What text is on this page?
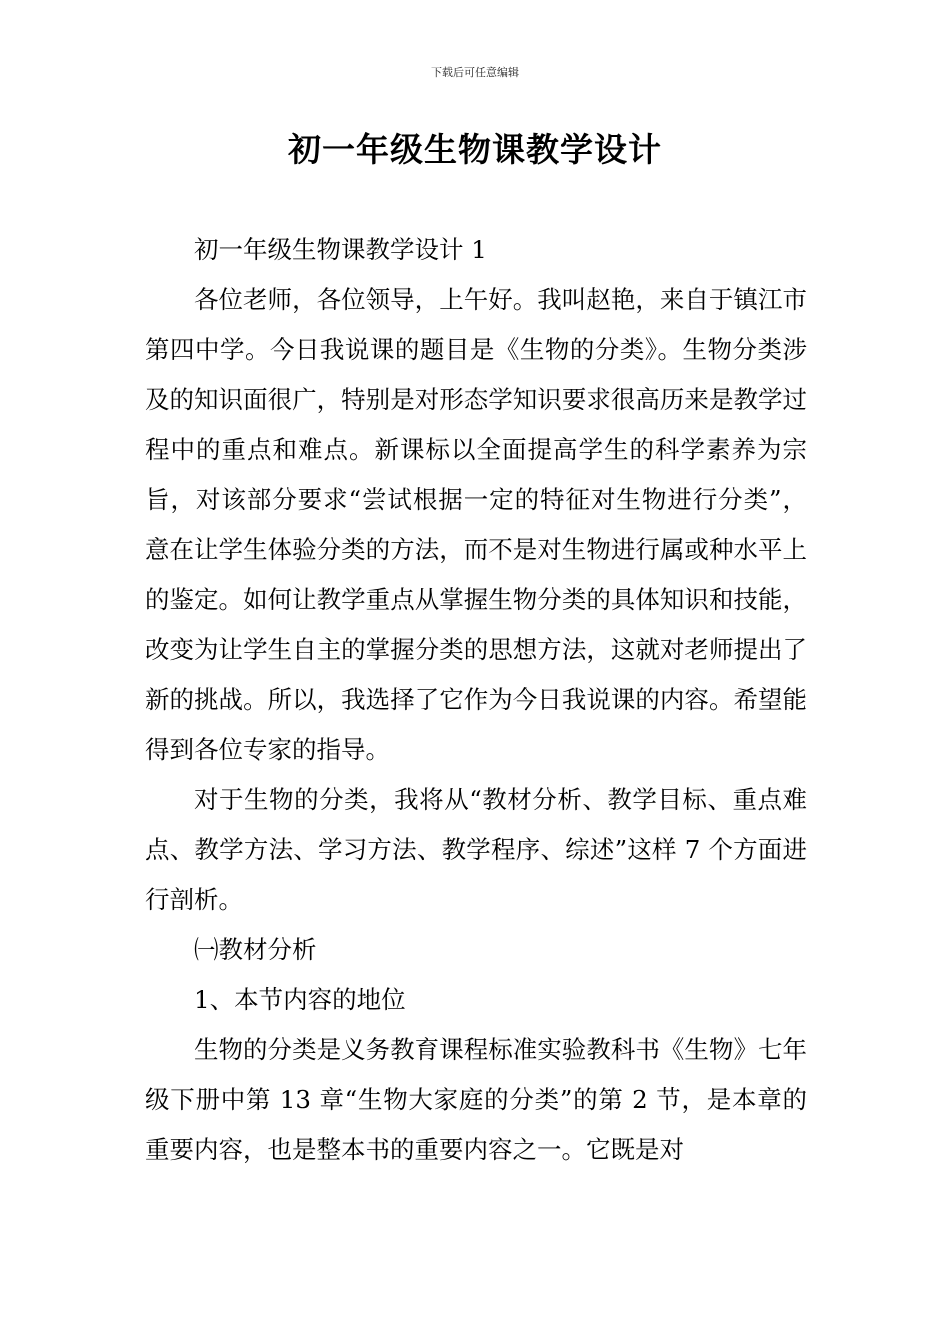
下载后可任意编辑
初一年级生物课教学设计

初一年级生物课教学设计 1

各位老师，各位领导，上午好。我叫赵艳，来自于镇江市第四中学。今日我说课的题目是《生物的分类》。生物分类涉及的知识面很广，特别是对形态学知识要求很高历来是教学过程中的重点和难点。新课标以全面提高学生的科学素养为宗旨，对该部分要求“尝试根据一定的特征对生物进行分类”，意在让学生体验分类的方法，而不是对生物进行属或种水平上的鉴定。如何让教学重点从掌握生物分类的具体知识和技能，改变为让学生自主的掌握分类的思想方法，这就对老师提出了新的挑战。所以，我选择了它作为今日我说课的内容。希望能得到各位专家的指导。

对于生物的分类，我将从“教材分析、教学目标、重点难点、教学方法、学习方法、教学程序、综述”这样 7 个方面进行剖析。

㈠教材分析

1、本节内容的地位

生物的分类是义务教育课程标准实验教科书《生物》七年级下册中第 13 章“生物大家庭的分类”的第 2 节，是本章的重要内容，也是整本书的重要内容之一。它既是对
